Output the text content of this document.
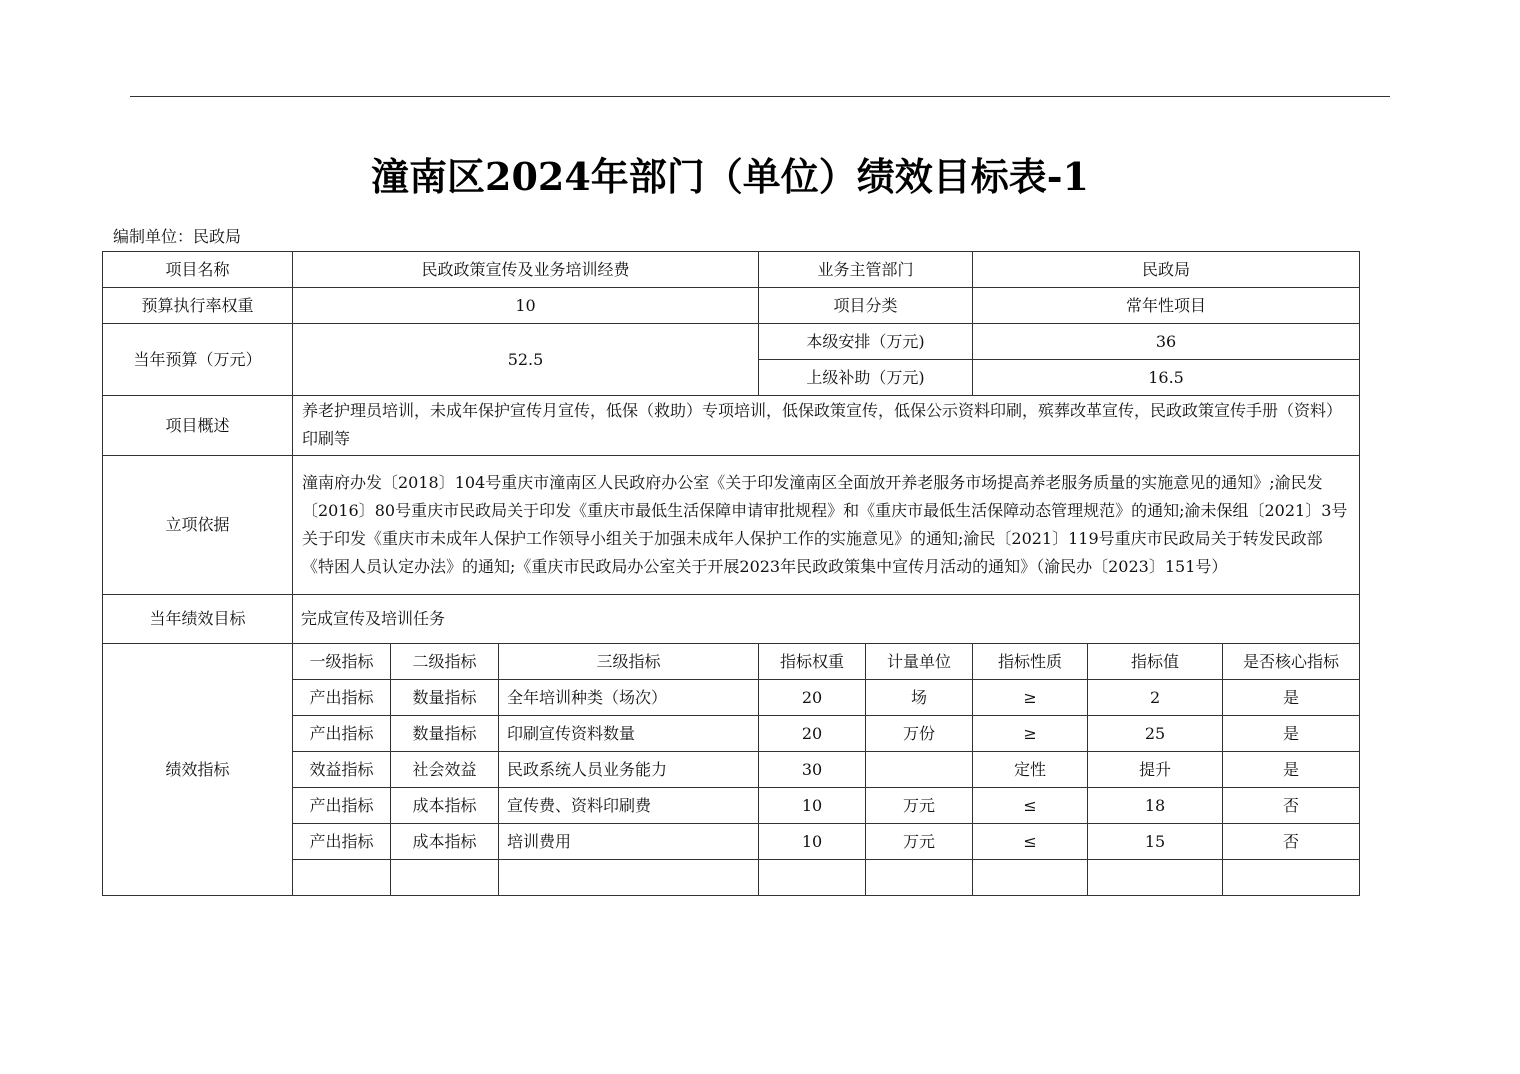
潼南区2024年部门（单位）绩效目标表-1
编制单位：民政局
项目名称	民政政策宣传及业务培训经费			业务主管部门		民政局		
预算执行率权重	10			项目分类		常年性项目		
当年预算（万元）	52.5			本级安排（万元)		36		
				上级补助（万元)		16.5		
项目概述	养老护理员培训，未成年保护宣传月宣传，低保（救助）专项培训，低保政策宣传，低保公示资料印刷，殡葬改革宣传，民政政策宣传手册（资料）印刷等							
立项依据	潼南府办发〔2018〕104号重庆市潼南区人民政府办公室《关于印发潼南区全面放开养老服务市场提高养老服务质量的实施意见的通知》;渝民发〔2016〕80号重庆市民政局关于印发《重庆市最低生活保障申请审批规程》和《重庆市最低生活保障动态管理规范》的通知;渝未保组〔2021〕3号关于印发《重庆市未成年人保护工作领导小组关于加强未成年人保护工作的实施意见》的通知;渝民〔2021〕119号重庆市民政局关于转发民政部《特困人员认定办法》的通知;《重庆市民政局办公室关于开展2023年民政政策集中宣传月活动的通知》（渝民办〔2023〕151号）							
当年绩效目标	完成宣传及培训任务							
绩效指标	一级指标	二级指标	三级指标	指标权重	计量单位	指标性质	指标值	是否核心指标
	产出指标	数量指标	全年培训种类（场次）	20	场	≥	2	是
	产出指标	数量指标	印刷宣传资料数量	20	万份	≥	25	是
	效益指标	社会效益	民政系统人员业务能力	30		定性	提升	是
	产出指标	成本指标	宣传费、资料印刷费	10	万元	≤	18	否
	产出指标	成本指标	培训费用	10	万元	≤	15	否
